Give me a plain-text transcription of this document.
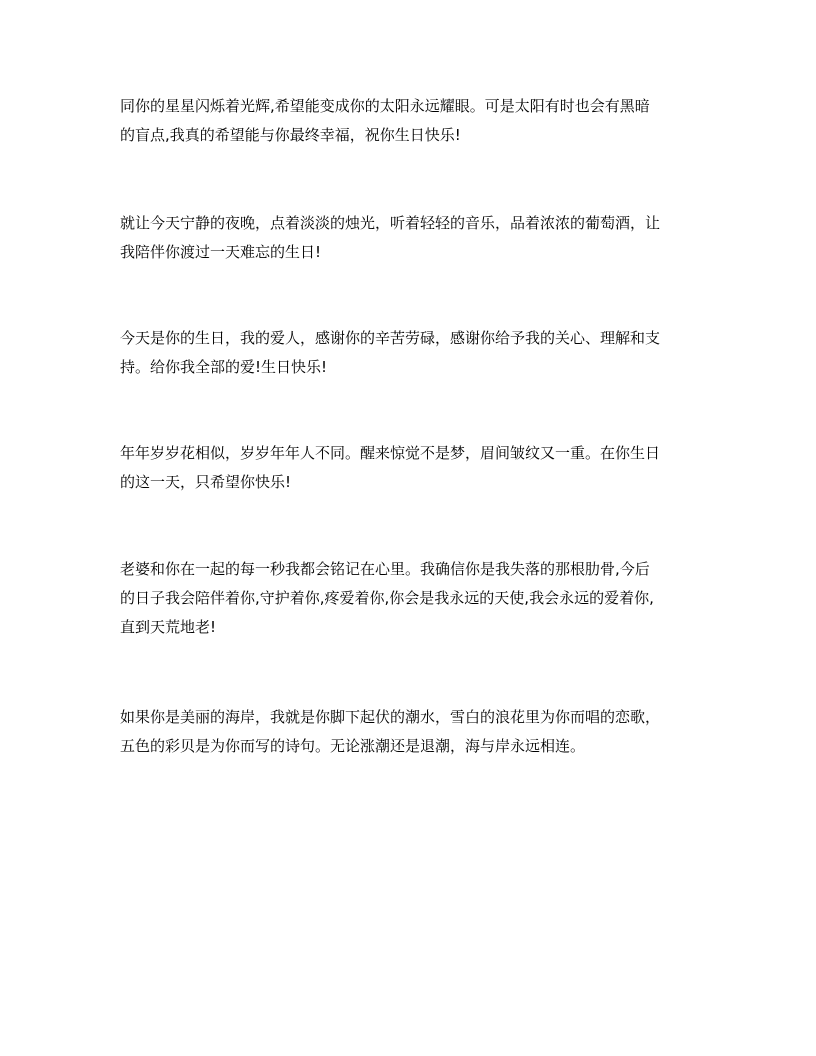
同你的星星闪烁着光辉,希望能变成你的太阳永远耀眼。可是太阳有时也会有黑暗
的盲点,我真的希望能与你最终幸福，祝你生日快乐!
就让今天宁静的夜晚，点着淡淡的烛光，听着轻轻的音乐，品着浓浓的葡萄酒，让
我陪伴你渡过一天难忘的生日!
今天是你的生日，我的爱人，感谢你的辛苦劳碌，感谢你给予我的关心、理解和支
持。给你我全部的爱!生日快乐!
年年岁岁花相似，岁岁年年人不同。醒来惊觉不是梦，眉间皱纹又一重。在你生日
的这一天，只希望你快乐!
老婆和你在一起的每一秒我都会铭记在心里。我确信你是我失落的那根肋骨,今后
的日子我会陪伴着你,守护着你,疼爱着你,你会是我永远的天使,我会永远的爱着你,
直到天荒地老!
如果你是美丽的海岸，我就是你脚下起伏的潮水，雪白的浪花里为你而唱的恋歌，
五色的彩贝是为你而写的诗句。无论涨潮还是退潮，海与岸永远相连。
